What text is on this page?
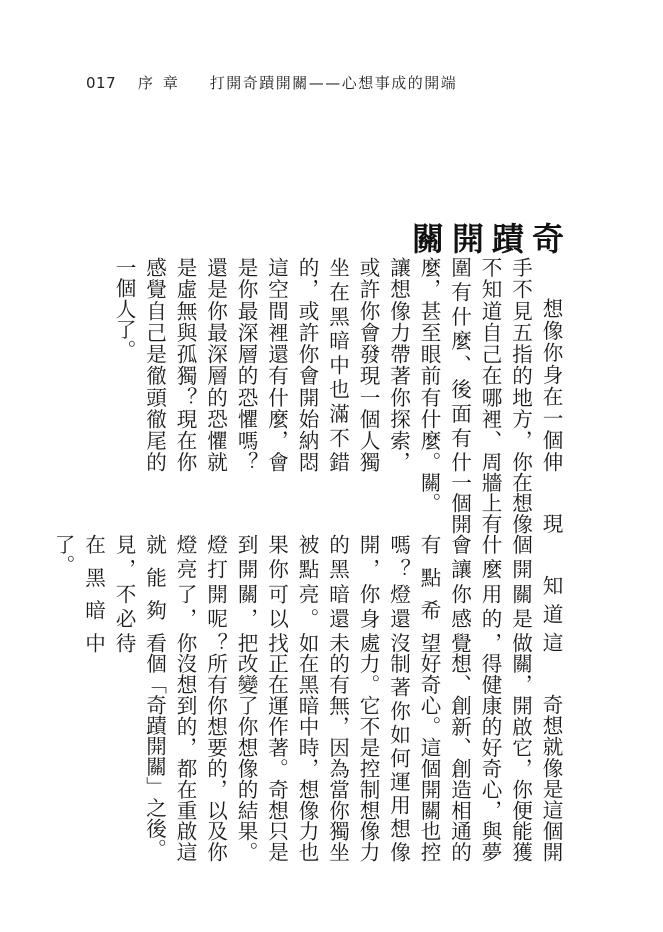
017 序章 打開奇蹟開關——心想事成的開端
奇蹟開關

想像你身在一個伸手不見五指的地方，你不知道自己在哪裡、周圍有什麼、後面有什麼，甚至眼前有什麼。讓想像力帶著你探索，或許你會發現一個人獨坐在黑暗中也滿不錯的，或許你會開始納悶這空間裡還有什麼，會是你最深層的恐懼嗎？還是你最深層的恐懼就是虛無與孤獨？現在你感覺自己是徹頭徹尾的一個人了。

現在想像牆上有一個開關。

知道這個開關是做什麼用的，會讓你感覺有點希望嗎？燈還沒開，你身處的黑暗還未被點亮。如果你可以找到開關，把燈打開呢？燈亮了，你就能夠看見，不必待在黑暗中了。

奇想就像是這個開關，開啟它，你便能獲得健康的好奇心，與夢想、創新、創造相通的好奇心。這個開關也控制著你如何運用想像力。它不是控制想像力的有無，因為當你獨坐在黑暗中時，想像力也正在運作著。奇想只是改變了你想像的結果。所有你想要的，以及你沒想到的，都在重啟這個「奇蹟開關」之後。
